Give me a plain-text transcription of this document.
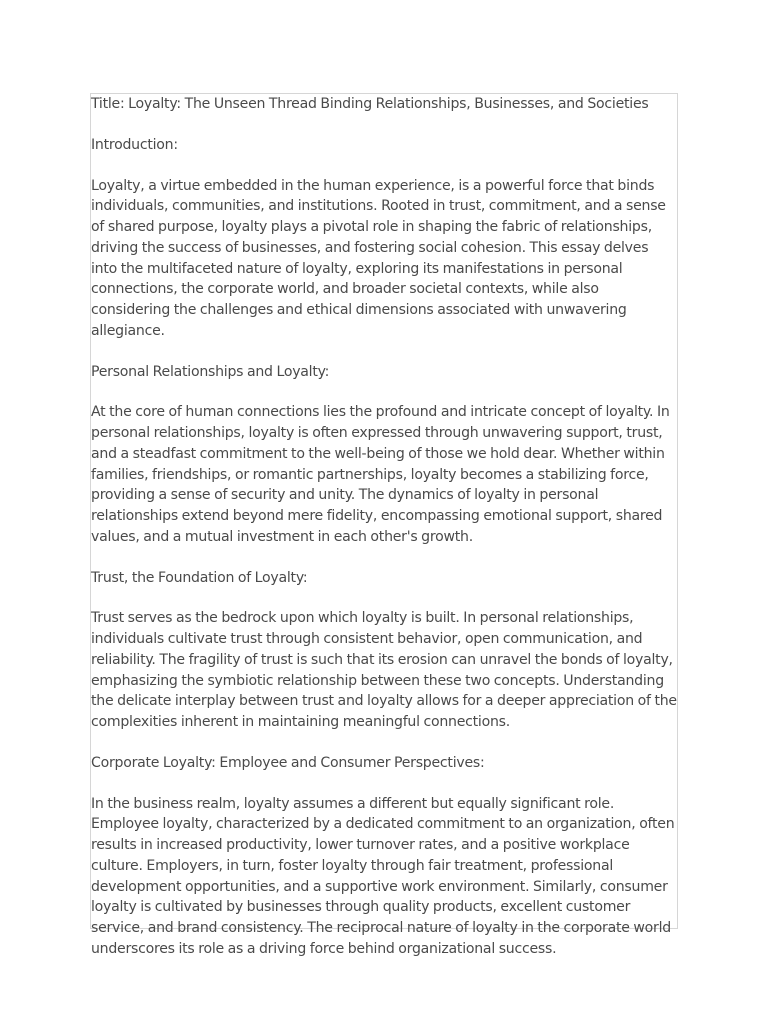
Title: Loyalty: The Unseen Thread Binding Relationships, Businesses, and Societies

Introduction:

Loyalty, a virtue embedded in the human experience, is a powerful force that binds individuals, communities, and institutions. Rooted in trust, commitment, and a sense of shared purpose, loyalty plays a pivotal role in shaping the fabric of relationships, driving the success of businesses, and fostering social cohesion. This essay delves into the multifaceted nature of loyalty, exploring its manifestations in personal connections, the corporate world, and broader societal contexts, while also considering the challenges and ethical dimensions associated with unwavering allegiance.

Personal Relationships and Loyalty:

At the core of human connections lies the profound and intricate concept of loyalty. In personal relationships, loyalty is often expressed through unwavering support, trust, and a steadfast commitment to the well-being of those we hold dear. Whether within families, friendships, or romantic partnerships, loyalty becomes a stabilizing force, providing a sense of security and unity. The dynamics of loyalty in personal relationships extend beyond mere fidelity, encompassing emotional support, shared values, and a mutual investment in each other's growth.

Trust, the Foundation of Loyalty:

Trust serves as the bedrock upon which loyalty is built. In personal relationships, individuals cultivate trust through consistent behavior, open communication, and reliability. The fragility of trust is such that its erosion can unravel the bonds of loyalty, emphasizing the symbiotic relationship between these two concepts. Understanding the delicate interplay between trust and loyalty allows for a deeper appreciation of the complexities inherent in maintaining meaningful connections.

Corporate Loyalty: Employee and Consumer Perspectives:

In the business realm, loyalty assumes a different but equally significant role. Employee loyalty, characterized by a dedicated commitment to an organization, often results in increased productivity, lower turnover rates, and a positive workplace culture. Employers, in turn, foster loyalty through fair treatment, professional development opportunities, and a supportive work environment. Similarly, consumer loyalty is cultivated by businesses through quality products, excellent customer service, and brand consistency. The reciprocal nature of loyalty in the corporate world underscores its role as a driving force behind organizational success.
